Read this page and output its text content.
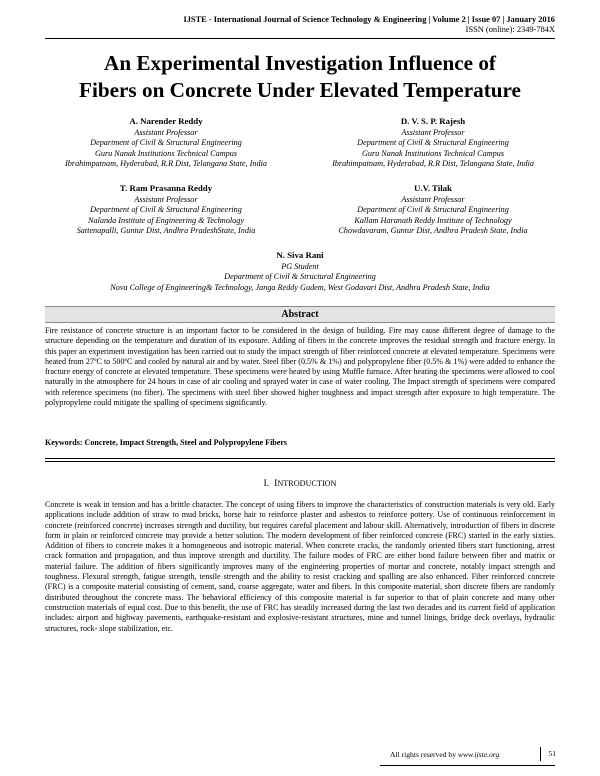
IJSTE - International Journal of Science Technology & Engineering | Volume 2 | Issue 07 | January 2016
ISSN (online): 2349-784X
An Experimental Investigation Influence of
Fibers on Concrete Under Elevated Temperature
A. Narender Reddy
Assistant Professor
Department of Civil & Structural Engineering
Guru Nanak Institutions Technical Campus
Ibrahimpatnam, Hyderabad, R.R Dist, Telangana State, India
D. V. S. P. Rajesh
Assistant Professor
Department of Civil & Structural Engineering
Guru Nanak Institutions Technical Campus
Ibrahimpatnam, Hyderabad, R.R Dist, Telangana State, India
T. Ram Prasanna Reddy
Assistant Professor
Department of Civil & Structural Engineering
Nalanda Institute of Engineering & Technology
Sattenapalli, Guntur Dist, Andhra PradeshState, India
U.V. Tilak
Assistant Professor
Department of Civil & Structural Engineering
Kallam Haranath Reddy Institute of Technology
Chowdavaram, Guntur Dist, Andhra Pradesh State, India
N. Siva Rani
PG Student
Department of Civil & Structural Engineering
Nova College of Engineering& Technology, Janga Reddy Gudem, West Godavari Dist, Andhra Pradesh State, India
Abstract
Fire resistance of concrete structure is an important factor to be considered in the design of building. Fire may cause different degree of damage to the structure depending on the temperature and duration of its exposure. Adding of fibers in the concrete improves the residual strength and fracture energy. In this paper an experiment investigation has been carried out to study the impact strength of fiber reinforced concrete at elevated temperature. Specimens were heated from 27ºC to 500ºC and cooled by natural air and by water. Steel fiber (0.5% & 1%) and polypropylene fiber (0.5% & 1%) were added to enhance the fracture energy of concrete at elevated temperature. These specimens were heated by using Muffle furnace. After heating the specimens were allowed to cool naturally in the atmosphere for 24 hours in case of air cooling and sprayed water in case of water cooling. The Impact strength of specimens were compared with reference specimens (no fiber). The specimens with steel fiber showed higher toughness and impact strength after exposure to high temperature. The polypropylene could mitigate the spalling of specimens significantly.
Keywords: Concrete, Impact Strength, Steel and Polypropylene Fibers
I. INTRODUCTION
Concrete is weak in tension and has a brittle character. The concept of using fibers to improve the characteristics of construction materials is very old. Early applications include addition of straw to mud bricks, horse hair to reinforce plaster and asbestos to reinforce pottery. Use of continuous reinforcement in concrete (reinforced concrete) increases strength and ductility, but requires careful placement and labour skill. Alternatively, introduction of fibers in discrete form in plain or reinforced concrete may provide a better solution. The modern development of fiber reinforced concrete (FRC) started in the early sixties. Addition of fibers to concrete makes it a homogeneous and isotropic material. When concrete cracks, the randomly oriented fibers start functioning, arrest crack formation and propagation, and thus improve strength and ductility. The failure modes of FRC are either bond failure between fiber and matrix or material failure. The addition of fibers significantly improves many of the engineering properties of mortar and concrete, notably impact strength and toughness. Flexural strength, fatigue strength, tensile strength and the ability to resist cracking and spalling are also enhanced. Fiber reinforced concrete (FRC) is a composite material consisting of cement, sand, coarse aggregate, water and fibers. In this composite material, short discrete fibers are randomly distributed throughout the concrete mass. The behavioral efficiency of this composite material is far superior to that of plain concrete and many other construction materials of equal cost. Due to this benefit, the use of FRC has steadily increased during the last two decades and its current field of application includes: airport and highway pavements, earthquake-resistant and explosive-resistant structures, mine and tunnel linings, bridge deck overlays, hydraulic structures, rock- slope stabilization, etc.
All rights reserved by www.ijste.org	51
